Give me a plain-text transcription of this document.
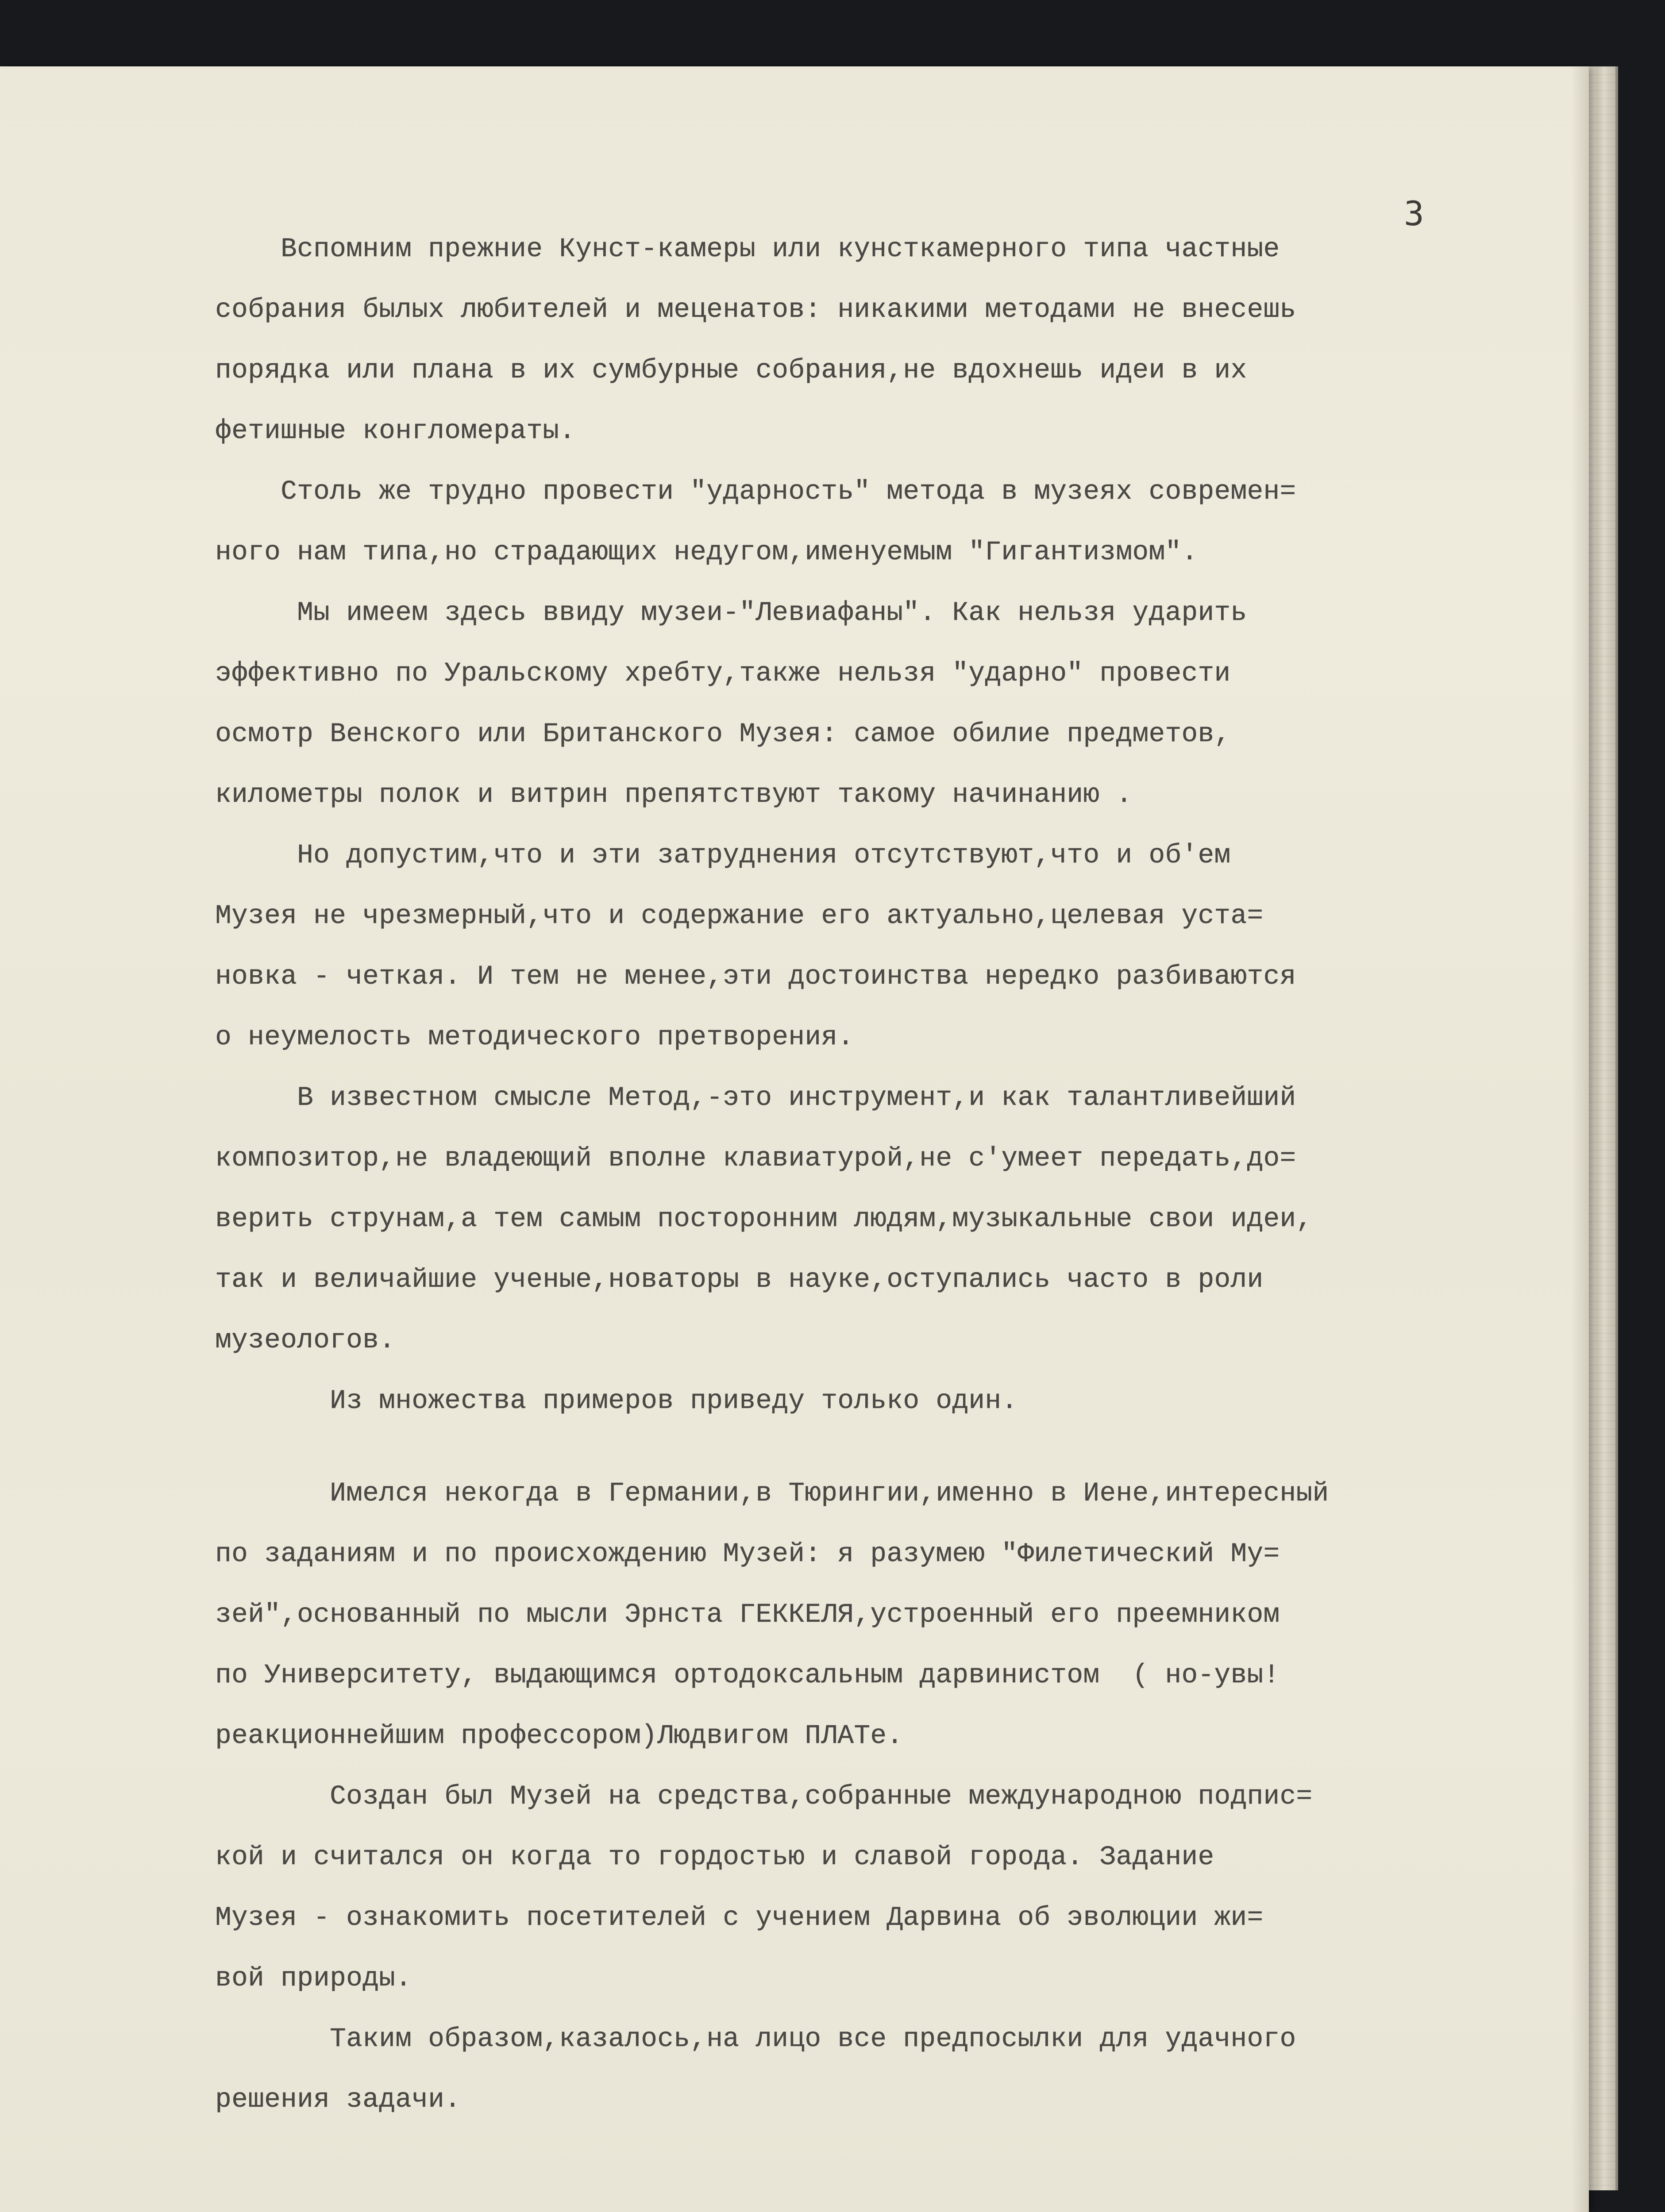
3

Вспомним прежние Кунст-камеры или кунсткамерного типа частные

собрания былых любителей и меценатов: никакими методами не внесешь

порядка или плана в их сумбурные собрания,не вдохнешь идеи в их

фетишные конгломераты.

Столь же трудно провести "ударность" метода в музеях современ=

ного нам типа,но страдающих недугом,именуемым "Гигантизмом".

Мы имеем здесь ввиду музеи-"Левиафаны". Как нельзя ударить

эффективно по Уральскому хребту,также нельзя "ударно" провести

осмотр Венского или Британского Музея: самое обилие предметов,

километры полок и витрин препятствуют такому начинанию .

Но допустим,что и эти затруднения отсутствуют,что и об'ем

Музея не чрезмерный,что и содержание его актуально,целевая уста=

новка - четкая. И тем не менее,эти достоинства нередко разбиваются

о неумелость методического претворения.

В известном смысле Метод,-это инструмент,и как талантливейший

композитор,не владеющий вполне клавиатурой,не с'умеет передать,до=

верить струнам,а тем самым посторонним людям,музыкальные свои идеи,

так и величайшие ученые,новаторы в науке,оступались часто в роли

музеологов.

Из множества примеров приведу только один.

Имелся некогда в Германии,в Тюрингии,именно в Иене,интересный

по заданиям и по происхождению Музей: я разумею "Филетический Му=

зей",основанный по мысли Эрнста ГЕККЕЛЯ,устроенный его преемником

по Университету, выдающимся ортодоксальным дарвинистом  ( но-увы!

реакционнейшим профессором)Людвигом ПЛАТе.

Создан был Музей на средства,собранные международною подпис=

кой и считался он когда то гордостью и славой города. Задание

Музея - ознакомить посетителей с учением Дарвина об эволюции жи=

вой природы.

Таким образом,казалось,на лицо все предпосылки для удачного

решения задачи.
